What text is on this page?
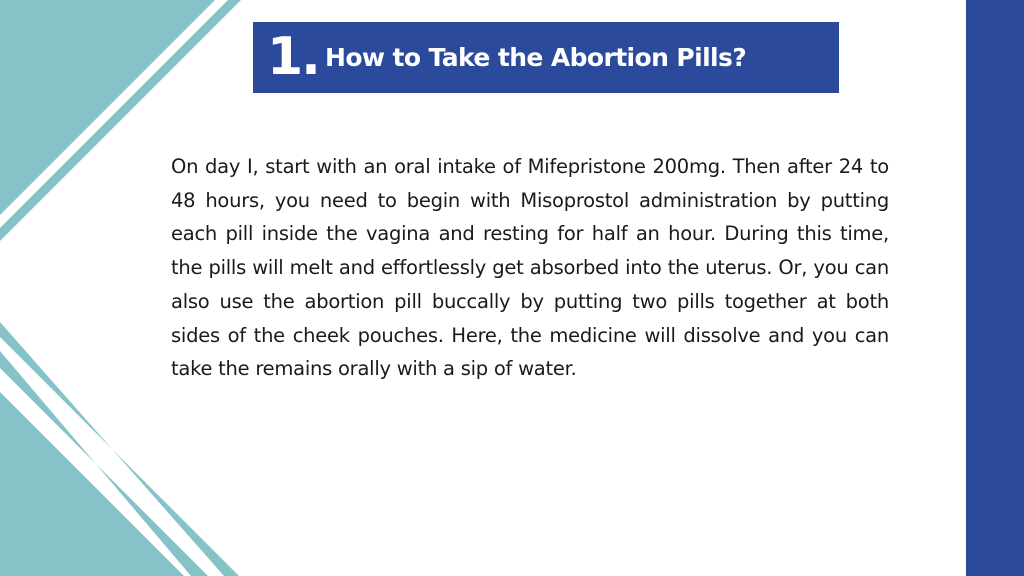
1. How to Take the Abortion Pills?

On day I, start with an oral intake of Mifepristone 200mg. Then after 24 to 48 hours, you need to begin with Misoprostol administration by putting each pill inside the vagina and resting for half an hour. During this time, the pills will melt and effortlessly get absorbed into the uterus. Or, you can also use the abortion pill buccally by putting two pills together at both sides of the cheek pouches. Here, the medicine will dissolve and you can take the remains orally with a sip of water.
